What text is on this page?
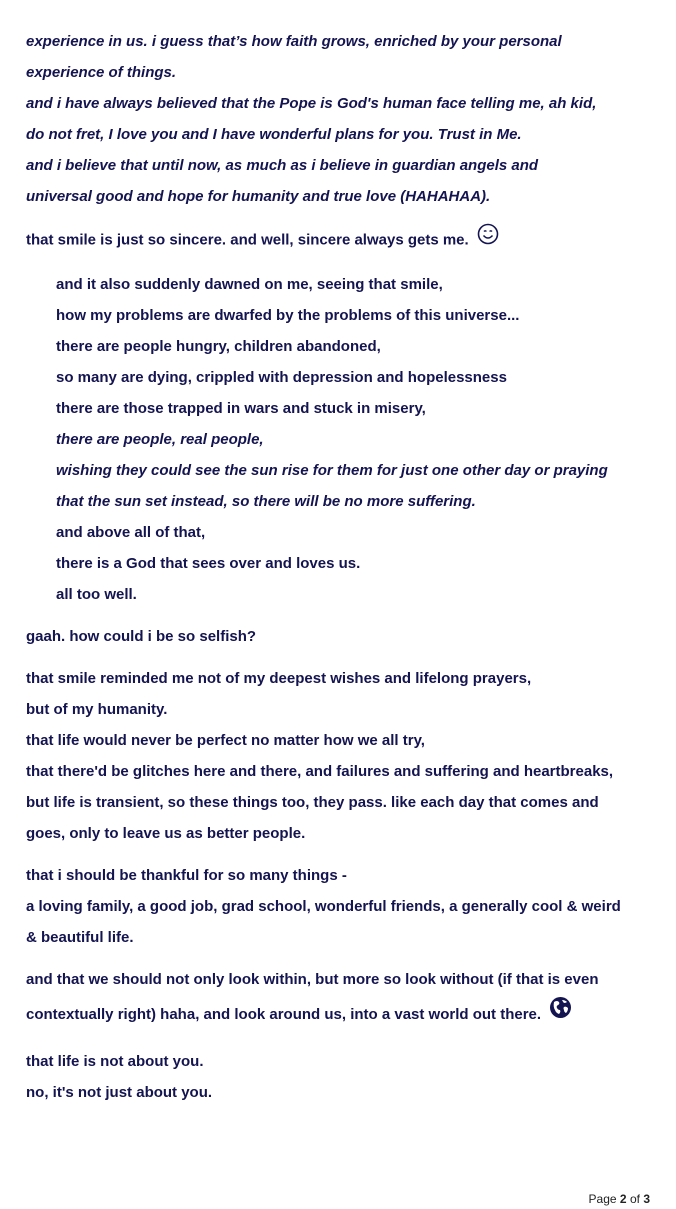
experience in us. i guess that’s how faith grows, enriched by your personal
experience of things.
and i have always believed that the Pope is God's human face telling me, ah kid,
do not fret, I love you and I have wonderful plans for you. Trust in Me.
and i believe that until now, as much as i believe in guardian angels and
universal good and hope for humanity and true love (HAHAHAA).
that smile is just so sincere. and well, sincere always gets me.
and it also suddenly dawned on me, seeing that smile,
how my problems are dwarfed by the problems of this universe...
there are people hungry, children abandoned,
so many are dying, crippled with depression and hopelessness
there are those trapped in wars and stuck in misery,
there are people, real people,
wishing they could see the sun rise for them for just one other day or praying
that the sun set instead, so there will be no more suffering.
and above all of that,
there is a God that sees over and loves us.
all too well.
gaah. how could i be so selfish?
that smile reminded me not of my deepest wishes and lifelong prayers,
but of my humanity.
that life would never be perfect no matter how we all try,
that there'd be glitches here and there, and failures and suffering and heartbreaks,
but life is transient, so these things too, they pass. like each day that comes and
goes, only to leave us as better people.
that i should be thankful for so many things -
a loving family, a good job, grad school, wonderful friends, a generally cool & weird
& beautiful life.
and that we should not only look within, but more so look without (if that is even
contextually right) haha, and look around us, into a vast world out there.
that life is not about you.
no, it's not just about you.
Page 2 of 3
